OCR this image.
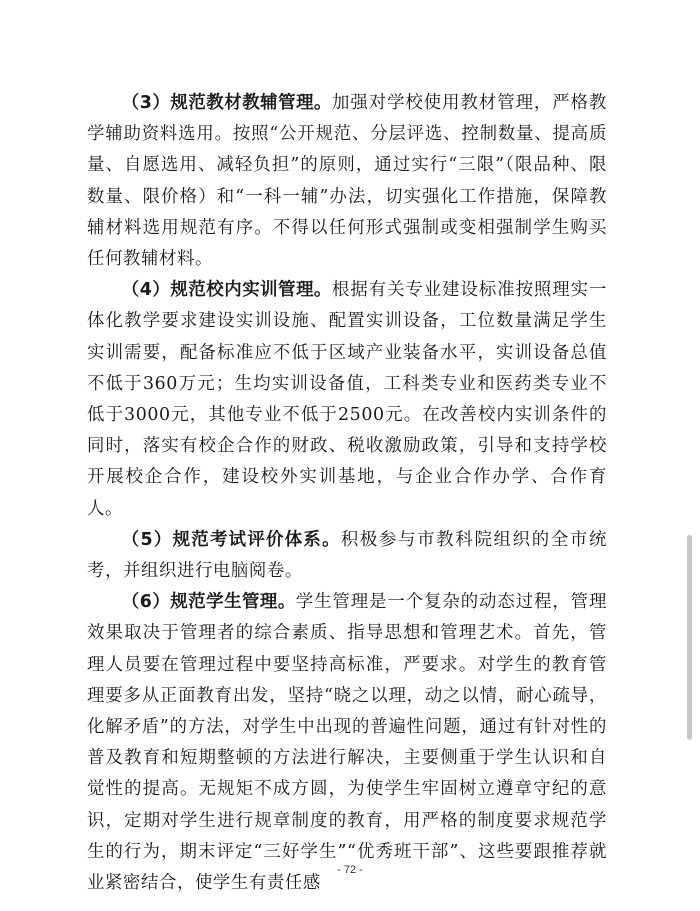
（3）规范教材教辅管理。加强对学校使用教材管理，严格教学辅助资料选用。按照“公开规范、分层评选、控制数量、提高质量、自愿选用、减轻负担”的原则，通过实行“三限”（限品种、限数量、限价格）和“一科一辅”办法，切实强化工作措施，保障教辅材料选用规范有序。不得以任何形式强制或变相强制学生购买任何教辅材料。

（4）规范校内实训管理。根据有关专业建设标准按照理实一体化教学要求建设实训设施、配置实训设备，工位数量满足学生实训需要，配备标准应不低于区域产业装备水平，实训设备总值不低于360万元；生均实训设备值，工科类专业和医药类专业不低于3000元，其他专业不低于2500元。在改善校内实训条件的同时，落实有校企合作的财政、税收激励政策，引导和支持学校开展校企合作，建设校外实训基地，与企业合作办学、合作育人。

（5）规范考试评价体系。积极参与市教科院组织的全市统考，并组织进行电脑阅卷。

（6）规范学生管理。学生管理是一个复杂的动态过程，管理效果取决于管理者的综合素质、指导思想和管理艺术。首先，管理人员要在管理过程中要坚持高标准，严要求。对学生的教育管理要多从正面教育出发，坚持“晓之以理，动之以情，耐心疏导，化解矛盾”的方法，对学生中出现的普遍性问题，通过有针对性的普及教育和短期整顿的方法进行解决，主要侧重于学生认识和自觉性的提高。无规矩不成方圆，为使学生牢固树立遵章守纪的意识，定期对学生进行规章制度的教育，用严格的制度要求规范学生的行为，期末评定“三好学生”“优秀班干部”、这些要跟推荐就业紧密结合，使学生有责任感

- 72 -
